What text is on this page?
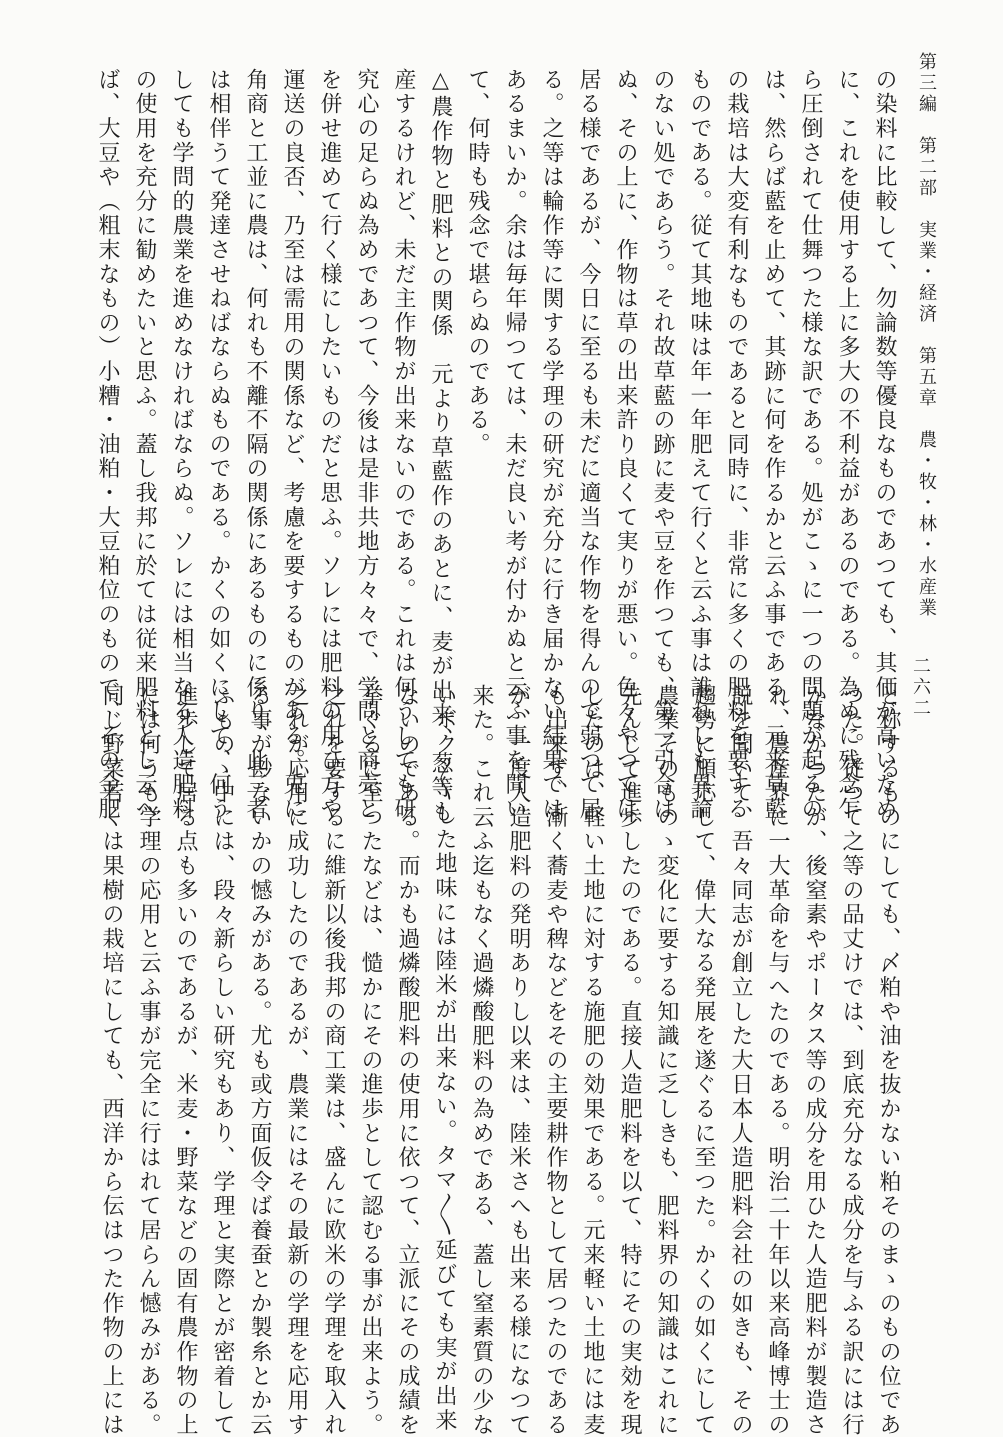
第三編　第二部　実業・経済　第五章　農・牧・林・水産業
の染料に比較して、勿論数等優良なものであつても、其価が高いため
に、これを使用する上に多大の不利益があるのである。為めに残念乍
ら圧倒されて仕舞つた様な訳である。処がこゝに一つの問題が起るの
は、然らば藍を止めて、其跡に何を作るかと云ふ事である、元来草藍
の栽培は大変有利なものであると同時に、非常に多くの肥料を要する
ものである。従て其地味は年一年肥えて行くと云ふ事は誰れしも異論
のない処であらう。それ故草藍の跡に麦や豆を作つても、第一引合は
ぬ、その上に、作物は草の出来許り良くて実りが悪い。色々やつては
居る様であるが、今日に至るも未だに適当な作物を得んので弱つて居
る。之等は輪作等に関する学理の研究が充分に行き届かない結果では
あるまいか。余は毎年帰つては、未だ良い考が付かぬと云ふ事を聞い
て、何時も残念で堪らぬのである。
△農作物と肥料との関係　元より草藍作のあとに、麦が出来、葱等も
産するけれど、未だ主作物が出来ないのである。これは何うしても研
究心の足らぬ為めであつて、今後は是非共地方々々で、学問と商売と
を併せ進めて行く様にしたいものだと思ふ。ソレには肥料の用ひ方や
運送の良否、乃至は需用の関係など、考慮を要するものがある。兎に
角商と工並に農は、何れも不離不隔の関係にあるものに係り、此三者
は相伴うて発達させねばならぬものである。かくの如くにして、何う
しても学問的農業を進めなければならぬ。ソレには相当なる人造肥料
の使用を充分に勧めたいと思ふ。蓋し我邦に於ては従来肥料とし云へ
ば、大豆や（粗末なもの）小糟・油粕・大豆粕位のもので、その金肥	二六二
と称するものにしても、〆粕や油を抜かない粕そのまゝのもの位であ
つた。従つて之等の品丈けでは、到底充分なる成分を与ふる訳には行
かなかつたが、後窒素やポータス等の成分を用ひた人造肥料が製造さ
れ、農産界に一大革命を与へたのである。明治二十年以来高峰博士の
説を聞いて、吾々同志が創立した大日本人造肥料会社の如きも、その
趨勢に順応して、偉大なる発展を遂ぐるに至つた。かくの如くにして
農業そのものゝ変化に要する知識に乏しきも、肥料界の知識はこれに
先んじて進歩したのである。直接人造肥料を以て、特にその実効を現
したのは、軽い土地に対する施肥の効果である。元来軽い土地には麦
も出来ず、漸く蕎麦や稗などをその主要耕作物として居つたのである
が、一度人造肥料の発明ありし以来は、陸米さへも出来る様になつて
来た。これ云ふ迄もなく過燐酸肥料の為めである、蓋し窒素質の少な
いボク〳〵した地味には陸米が出来ない。タマ〳〵延びても実が出来
ないのである。而かも過燐酸肥料の使用に依つて、立派にその成績を
挙ぐるに至つたなどは、慥かにその進歩として認むる事が出来よう。
之れを要するに維新以後我邦の商工業は、盛んに欧米の学理を取入れ
之れが応用に成功したのであるが、農業にはその最新の学理を応用す
る事が尠ないかの憾みがある。尤も或方面仮令ば養蚕とか製糸とか云
ふものゝ中には、段々新らしい研究もあり、学理と実際とが密着して
進歩して居る点も多いのであるが、米麦・野菜などの固有農作物の上
には何うも学理の応用と云ふ事が完全に行はれて居らん憾みがある。
同じ野菜若くは果樹の栽培にしても、西洋から伝はつた作物の上には
